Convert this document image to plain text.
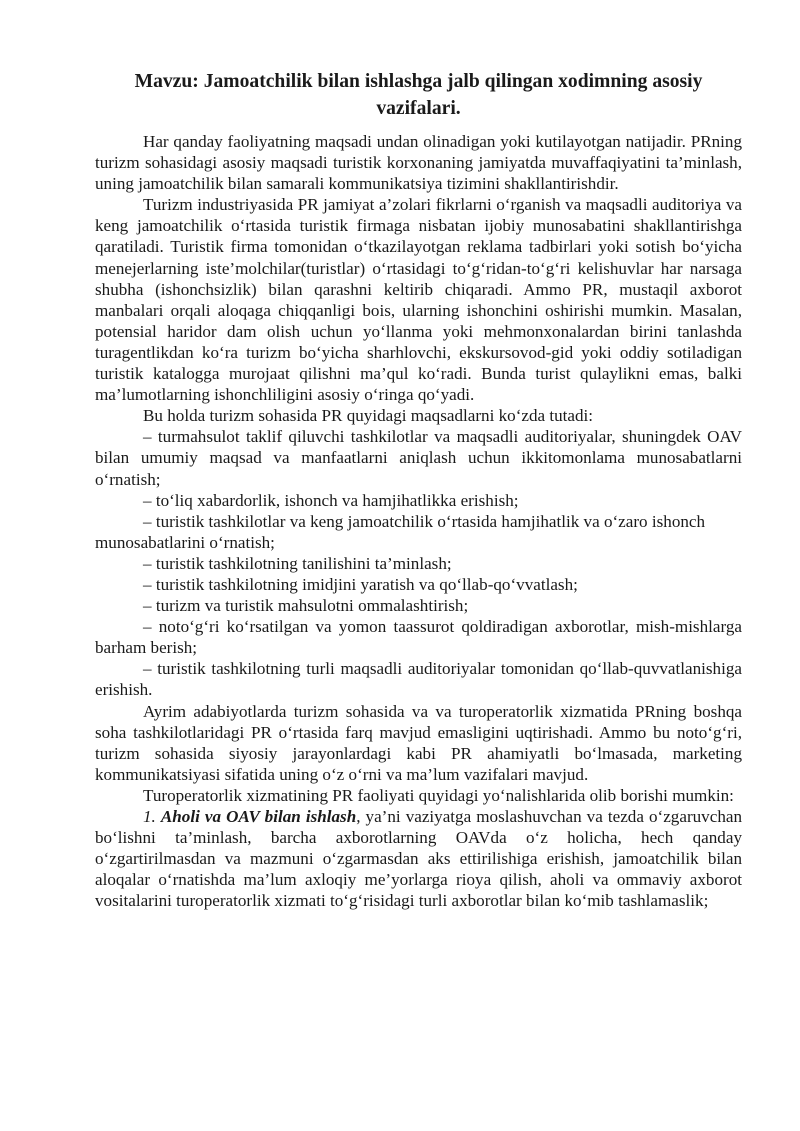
Mavzu: Jamoatchilik bilan ishlashga jalb qilingan xodimning asosiy vazifalari.

Har qanday faoliyatning maqsadi undan olinadigan yoki kutilayotgan natijadir. PRning turizm sohasidagi asosiy maqsadi turistik korxonaning jamiyatda muvaffaqiyatini ta’minlash, uning jamoatchilik bilan samarali kommunikatsiya tizimini shakllantirishdir.

Turizm industriyasida PR jamiyat a’zolari fikrlarni o‘rganish va maqsadli auditoriya va keng jamoatchilik o‘rtasida turistik firmaga nisbatan ijobiy munosabatini shakllantirishga qaratiladi. Turistik firma tomonidan o‘tkazilayotgan reklama tadbirlari yoki sotish bo‘yicha menejerlarning iste’molchilar(turistlar) o‘rtasidagi to‘g‘ridan-to‘g‘ri kelishuvlar har narsaga shubha (ishonchsizlik) bilan qarashni keltirib chiqaradi. Ammo PR, mustaqil axborot manbalari orqali aloqaga chiqqanligi bois, ularning ishonchini oshirishi mumkin. Masalan, potensial haridor dam olish uchun yo‘llanma yoki mehmonxonalardan birini tanlashda turagentlikdan ko‘ra turizm bo‘yicha sharhlovchi, ekskursovod-gid yoki oddiy sotiladigan turistik katalogga murojaat qilishni ma’qul ko‘radi. Bunda turist qulaylikni emas, balki ma’lumotlarning ishonchliligini asosiy o‘ringa qo‘yadi.

Bu holda turizm sohasida PR quyidagi maqsadlarni ko‘zda tutadi:

– turmahsulot taklif qiluvchi tashkilotlar va maqsadli auditoriyalar, shuningdek OAV bilan umumiy maqsad va manfaatlarni aniqlash uchun ikkitomonlama munosabatlarni o‘rnatish;

– to‘liq xabardorlik, ishonch va hamjihatlikka erishish;

– turistik tashkilotlar va keng jamoatchilik o‘rtasida hamjihatlik va o‘zaro ishonch munosabatlarini o‘rnatish;

– turistik tashkilotning tanilishini ta’minlash;

– turistik tashkilotning imidjini yaratish va qo‘llab-qo‘vvatlash;

– turizm va turistik mahsulotni ommalashtirish;

– noto‘g‘ri ko‘rsatilgan va yomon taassurot qoldiradigan axborotlar, mish-mishlarga barham berish;

– turistik tashkilotning turli maqsadli auditoriyalar tomonidan qo‘llab-quvvatlanishiga erishish.

Ayrim adabiyotlarda turizm sohasida va va turoperatorlik xizmatida PRning boshqa soha tashkilotlaridagi PR o‘rtasida farq mavjud emasligini uqtirishadi. Ammo bu noto‘g‘ri, turizm sohasida siyosiy jarayonlardagi kabi PR ahamiyatli bo‘lmasada, marketing kommunikatsiyasi sifatida uning o‘z o‘rni va ma’lum vazifalari mavjud.

Turoperatorlik xizmatining PR faoliyati quyidagi yo‘nalishlarida olib borishi mumkin:

1. Aholi va OAV bilan ishlash, ya’ni vaziyatga moslashuvchan va tezda o‘zgaruvchan bo‘lishni ta’minlash, barcha axborotlarning OAVda o‘z holicha, hech qanday o‘zgartirilmasdan va mazmuni o‘zgarmasdan aks ettirilishiga erishish, jamoatchilik bilan aloqalar o‘rnatishda ma’lum axloqiy me’yorlarga rioya qilish, aholi va ommaviy axborot vositalarini turoperatorlik xizmati to‘g‘risidagi turli axborotlar bilan ko‘mib tashlamaslik;
